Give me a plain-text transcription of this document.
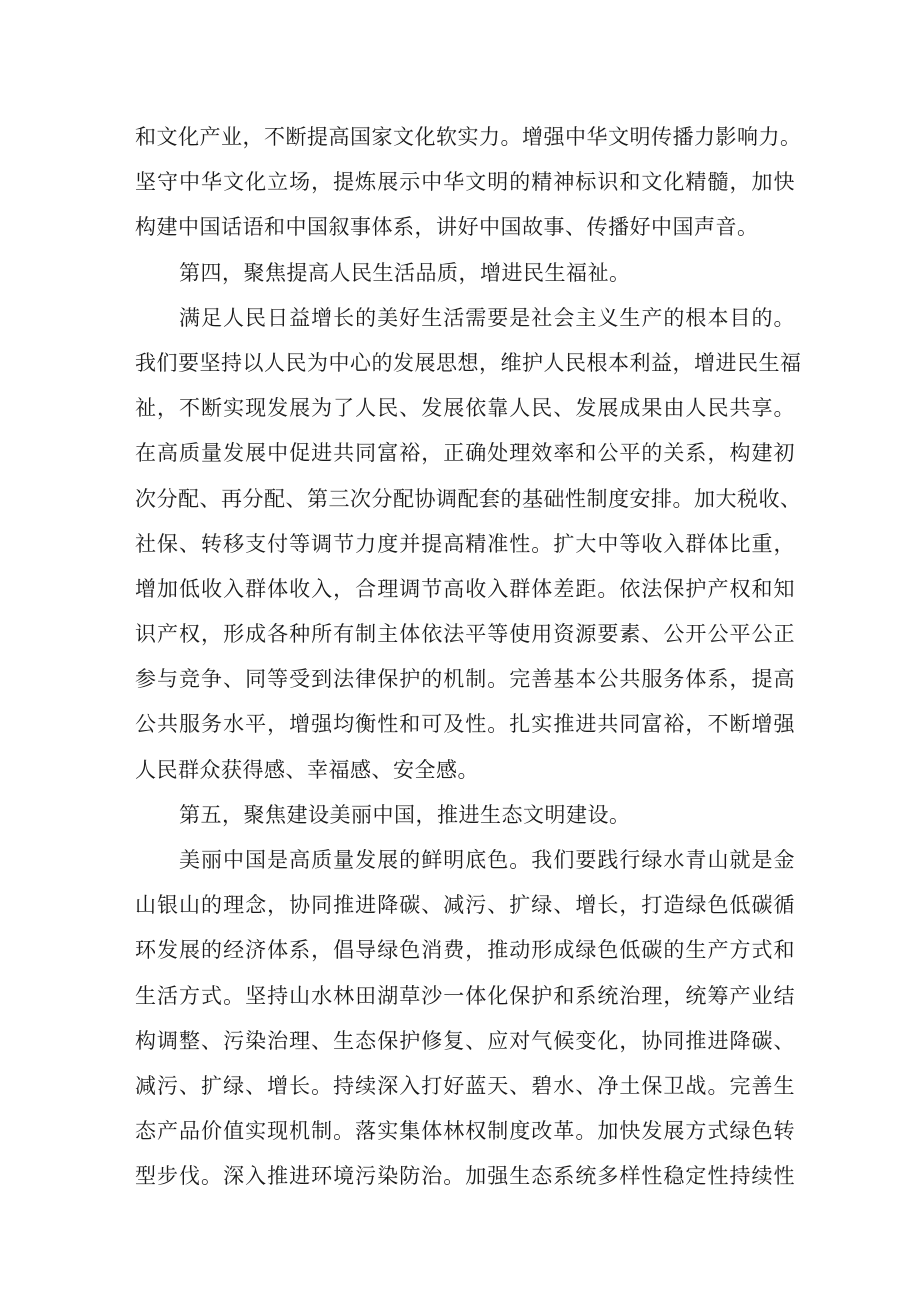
和文化产业，不断提高国家文化软实力。增强中华文明传播力影响力。
坚守中华文化立场，提炼展示中华文明的精神标识和文化精髓，加快
构建中国话语和中国叙事体系，讲好中国故事、传播好中国声音。
第四，聚焦提高人民生活品质，增进民生福祉。
满足人民日益增长的美好生活需要是社会主义生产的根本目的。
我们要坚持以人民为中心的发展思想，维护人民根本利益，增进民生福
祉，不断实现发展为了人民、发展依靠人民、发展成果由人民共享。
在高质量发展中促进共同富裕，正确处理效率和公平的关系，构建初
次分配、再分配、第三次分配协调配套的基础性制度安排。加大税收、
社保、转移支付等调节力度并提高精准性。扩大中等收入群体比重，
增加低收入群体收入，合理调节高收入群体差距。依法保护产权和知
识产权，形成各种所有制主体依法平等使用资源要素、公开公平公正
参与竞争、同等受到法律保护的机制。完善基本公共服务体系，提高
公共服务水平，增强均衡性和可及性。扎实推进共同富裕，不断增强
人民群众获得感、幸福感、安全感。
第五，聚焦建设美丽中国，推进生态文明建设。
美丽中国是高质量发展的鲜明底色。我们要践行绿水青山就是金
山银山的理念，协同推进降碳、减污、扩绿、增长，打造绿色低碳循
环发展的经济体系，倡导绿色消费，推动形成绿色低碳的生产方式和
生活方式。坚持山水林田湖草沙一体化保护和系统治理，统筹产业结
构调整、污染治理、生态保护修复、应对气候变化，协同推进降碳、
减污、扩绿、增长。持续深入打好蓝天、碧水、净土保卫战。完善生
态产品价值实现机制。落实集体林权制度改革。加快发展方式绿色转
型步伐。深入推进环境污染防治。加强生态系统多样性稳定性持续性
